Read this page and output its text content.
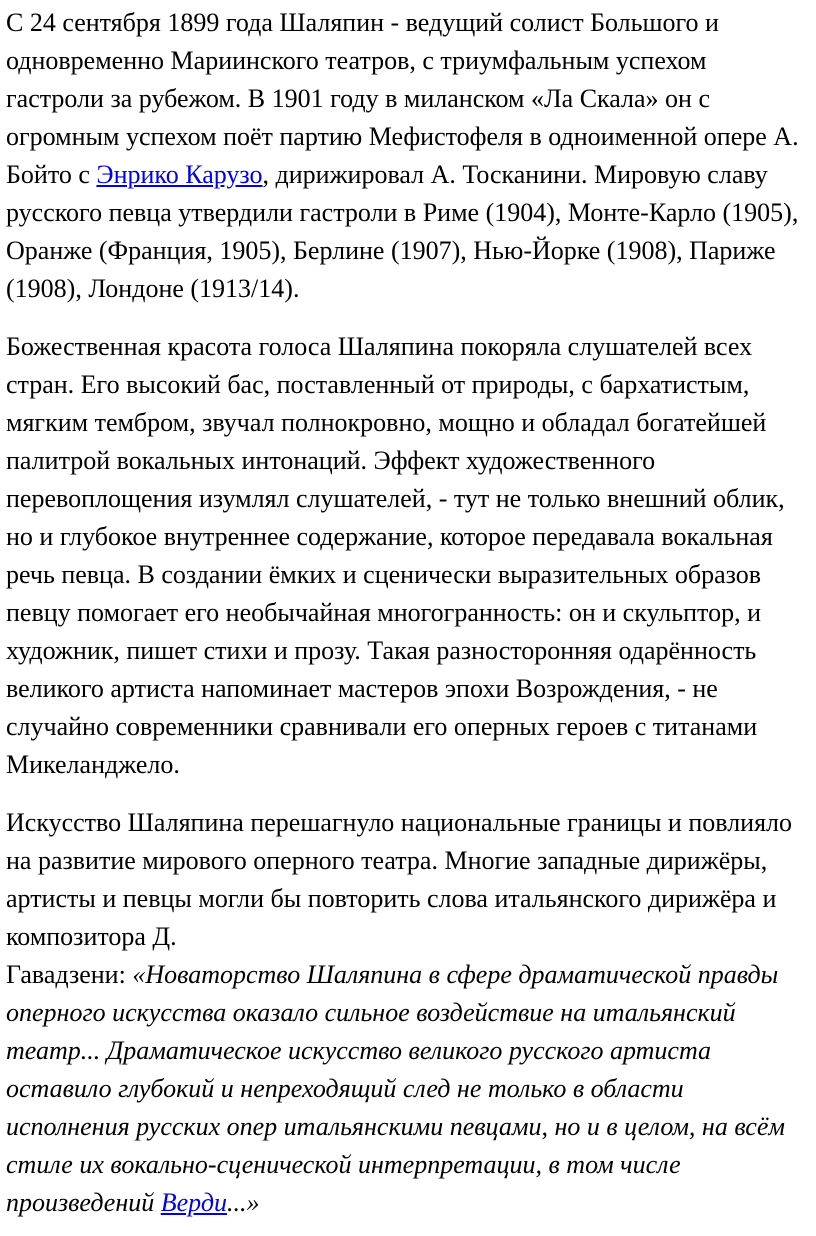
С 24 сентября 1899 года Шаляпин - ведущий солист Большого и одновременно Мариинского театров, с триумфальным успехом гастроли за рубежом. В 1901 году в миланском «Ла Скала» он с огромным успехом поёт партию Мефистофеля в одноименной опере А. Бойто с Энрико Карузо, дирижировал А. Тосканини. Мировую славу русского певца утвердили гастроли в Риме (1904), Монте-Карло (1905), Оранже (Франция, 1905), Берлине (1907), Нью-Йорке (1908), Париже (1908), Лондоне (1913/14).

Божественная красота голоса Шаляпина покоряла слушателей всех стран. Его высокий бас, поставленный от природы, с бархатистым, мягким тембром, звучал полнокровно, мощно и обладал богатейшей палитрой вокальных интонаций. Эффект художественного перевоплощения изумлял слушателей, - тут не только внешний облик, но и глубокое внутреннее содержание, которое передавала вокальная речь певца. В создании ёмких и сценически выразительных образов певцу помогает его необычайная многогранность: он и скульптор, и художник, пишет стихи и прозу. Такая разносторонняя одарённость великого артиста напоминает мастеров эпохи Возрождения, - не случайно современники сравнивали его оперных героев с титанами Микеланджело.

Искусство Шаляпина перешагнуло национальные границы и повлияло на развитие мирового оперного театра. Многие западные дирижёры, артисты и певцы могли бы повторить слова итальянского дирижёра и композитора Д.
Гавадзени: «Новаторство Шаляпина в сфере драматической правды оперного искусства оказало сильное воздействие на итальянский театр... Драматическое искусство великого русского артиста оставило глубокий и непреходящий след не только в области исполнения русских опер итальянскими певцами, но и в целом, на всём стиле их вокально-сценической интерпретации, в том числе произведений Верди...»
